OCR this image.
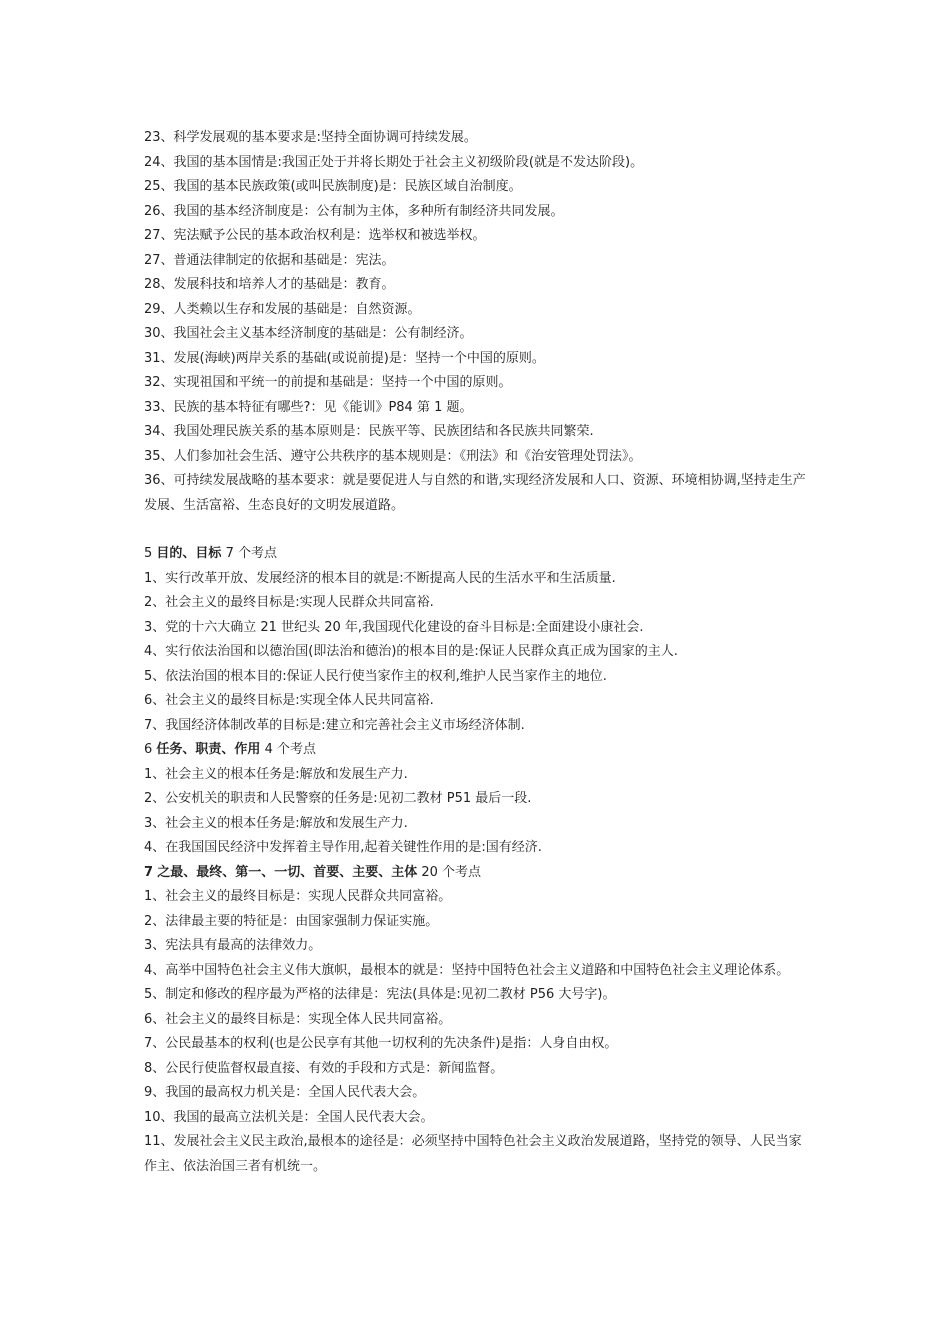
23、科学发展观的基本要求是:坚持全面协调可持续发展。
24、我国的基本国情是:我国正处于并将长期处于社会主义初级阶段(就是不发达阶段)。
25、我国的基本民族政策(或叫民族制度)是：民族区域自治制度。
26、我国的基本经济制度是：公有制为主体，多种所有制经济共同发展。
27、宪法赋予公民的基本政治权利是：选举权和被选举权。
27、普通法律制定的依据和基础是：宪法。
28、发展科技和培养人才的基础是：教育。
29、人类赖以生存和发展的基础是：自然资源。
30、我国社会主义基本经济制度的基础是：公有制经济。
31、发展(海峡)两岸关系的基础(或说前提)是：坚持一个中国的原则。
32、实现祖国和平统一的前提和基础是：坚持一个中国的原则。
33、民族的基本特征有哪些?：见《能训》P84 第 1 题。
34、我国处理民族关系的基本原则是：民族平等、民族团结和各民族共同繁荣.
35、人们参加社会生活、遵守公共秩序的基本规则是：《刑法》和《治安管理处罚法》。
36、可持续发展战略的基本要求：就是要促进人与自然的和谐,实现经济发展和人口、资源、环境相协调,坚持走生产发展、生活富裕、生态良好的文明发展道路。
5 目的、目标 7 个考点
1、实行改革开放、发展经济的根本目的就是:不断提高人民的生活水平和生活质量.
2、社会主义的最终目标是:实现人民群众共同富裕.
3、党的十六大确立 21 世纪头 20 年,我国现代化建设的奋斗目标是:全面建设小康社会.
4、实行依法治国和以德治国(即法治和德治)的根本目的是:保证人民群众真正成为国家的主人.
5、依法治国的根本目的:保证人民行使当家作主的权利,维护人民当家作主的地位.
6、社会主义的最终目标是:实现全体人民共同富裕.
7、我国经济体制改革的目标是:建立和完善社会主义市场经济体制.
6 任务、职责、作用 4 个考点
1、社会主义的根本任务是:解放和发展生产力.
2、公安机关的职责和人民警察的任务是:见初二教材 P51 最后一段.
3、社会主义的根本任务是:解放和发展生产力.
4、在我国国民经济中发挥着主导作用,起着关键性作用的是:国有经济.
7 之最、最终、第一、一切、首要、主要、主体 20 个考点
1、社会主义的最终目标是：实现人民群众共同富裕。
2、法律最主要的特征是：由国家强制力保证实施。
3、宪法具有最高的法律效力。
4、高举中国特色社会主义伟大旗帜，最根本的就是：坚持中国特色社会主义道路和中国特色社会主义理论体系。
5、制定和修改的程序最为严格的法律是：宪法(具体是:见初二教材 P56 大号字)。
6、社会主义的最终目标是：实现全体人民共同富裕。
7、公民最基本的权利(也是公民享有其他一切权利的先决条件)是指：人身自由权。
8、公民行使监督权最直接、有效的手段和方式是：新闻监督。
9、我国的最高权力机关是：全国人民代表大会。
10、我国的最高立法机关是：全国人民代表大会。
11、发展社会主义民主政治,最根本的途径是：必须坚持中国特色社会主义政治发展道路，坚持党的领导、人民当家作主、依法治国三者有机统一。
